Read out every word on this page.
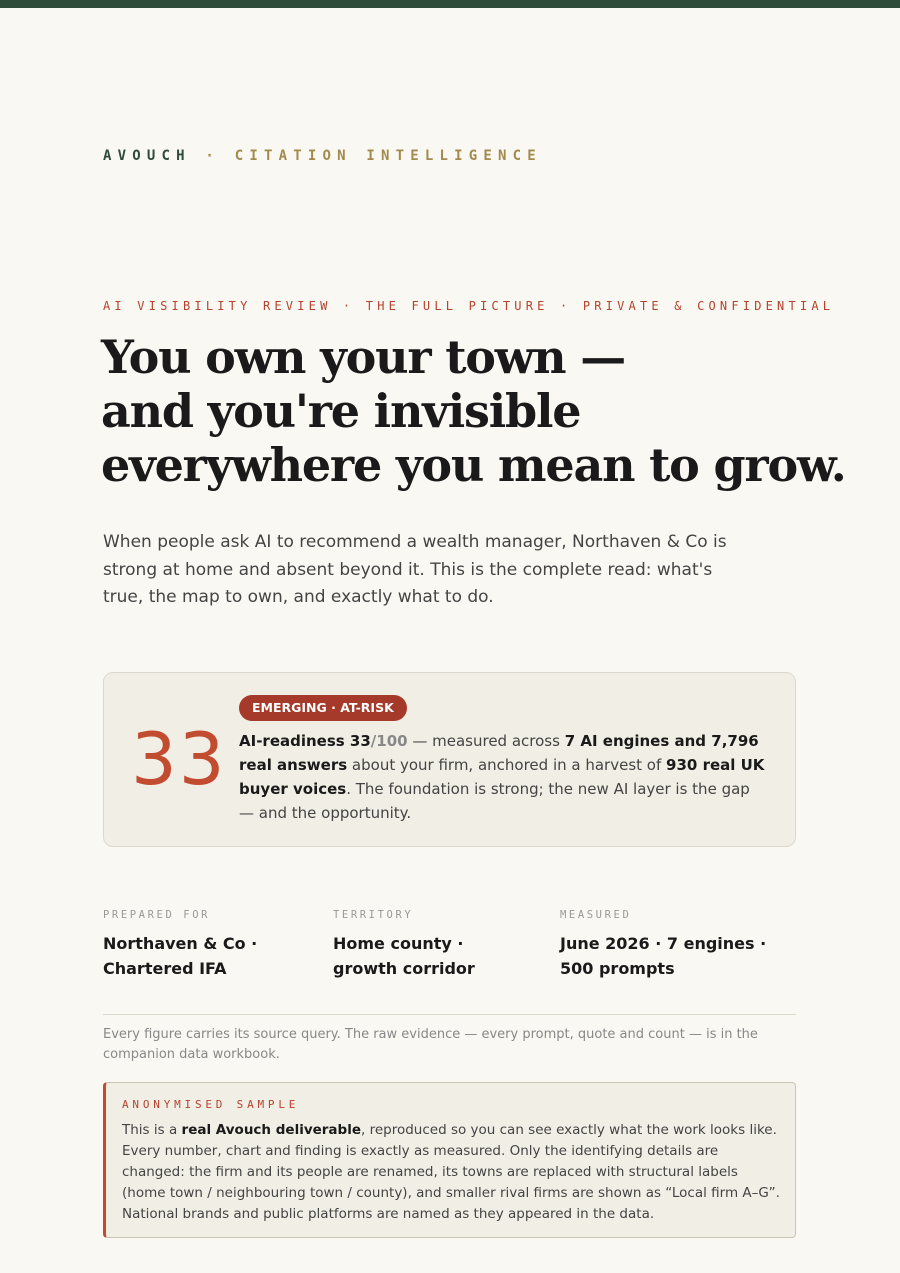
AVOUCH · CITATION INTELLIGENCE
AI VISIBILITY REVIEW · THE FULL PICTURE · PRIVATE & CONFIDENTIAL
You own your town —
and you're invisible
everywhere you mean to grow.

When people ask AI to recommend a wealth manager, Northaven & Co is strong at home and absent beyond it. This is the complete read: what's true, the map to own, and exactly what to do.

33
EMERGING · AT-RISK

AI-readiness 33/100 — measured across 7 AI engines and 7,796 real answers about your firm, anchored in a harvest of 930 real UK buyer voices. The foundation is strong; the new AI layer is the gap — and the opportunity.

PREPARED FOR
Northaven & Co · Chartered IFA
TERRITORY
Home county · growth corridor
MEASURED
June 2026 · 7 engines · 500 prompts

Every figure carries its source query. The raw evidence — every prompt, quote and count — is in the companion data workbook.

ANONYMISED SAMPLE

This is a real Avouch deliverable, reproduced so you can see exactly what the work looks like. Every number, chart and finding is exactly as measured. Only the identifying details are changed: the firm and its people are renamed, its towns are replaced with structural labels (home town / neighbouring town / county), and smaller rival firms are shown as “Local firm A–G”. National brands and public platforms are named as they appeared in the data.
